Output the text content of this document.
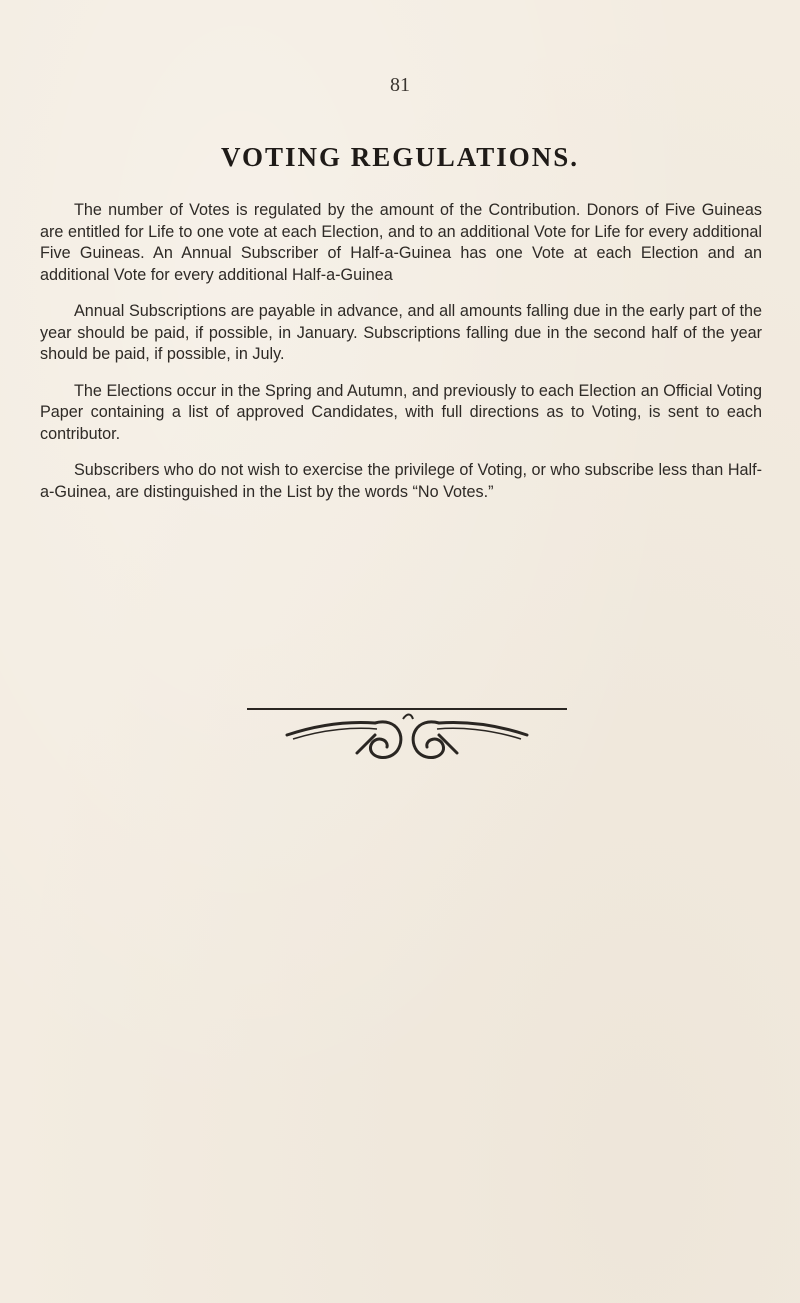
81
VOTING REGULATIONS.

The number of Votes is regulated by the amount of the Contribution. Donors of Five Guineas are entitled for Life to one vote at each Election, and to an additional Vote for Life for every additional Five Guineas. An Annual Subscriber of Half-a-Guinea has one Vote at each Election and an additional Vote for every additional Half-a-Guinea

Annual Subscriptions are payable in advance, and all amounts falling due in the early part of the year should be paid, if possible, in January. Subscriptions falling due in the second half of the year should be paid, if possible, in July.

The Elections occur in the Spring and Autumn, and previously to each Election an Official Voting Paper containing a list of approved Candidates, with full directions as to Voting, is sent to each contributor.

Subscribers who do not wish to exercise the privilege of Voting, or who subscribe less than Half-a-Guinea, are distinguished in the List by the words “No Votes.”
